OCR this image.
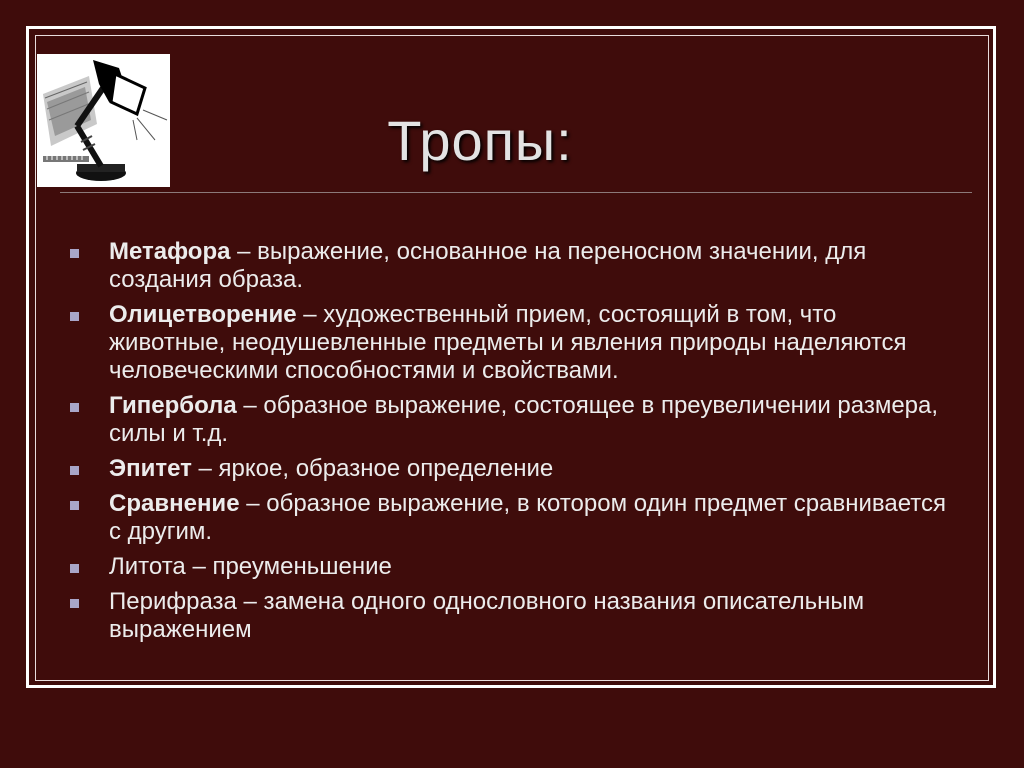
Тропы:
Метафора – выражение, основанное на переносном значении, для создания образа.
Олицетворение – художественный прием, состоящий в том, что животные, неодушевленные предметы и явления природы наделяются человеческими способностями и свойствами.
Гипербола – образное выражение, состоящее в преувеличении размера, силы и т.д.
Эпитет – яркое, образное определение
Сравнение – образное выражение, в котором один предмет сравнивается с другим.
Литота – преуменьшение
Перифраза – замена одного однословного названия описательным выражением
